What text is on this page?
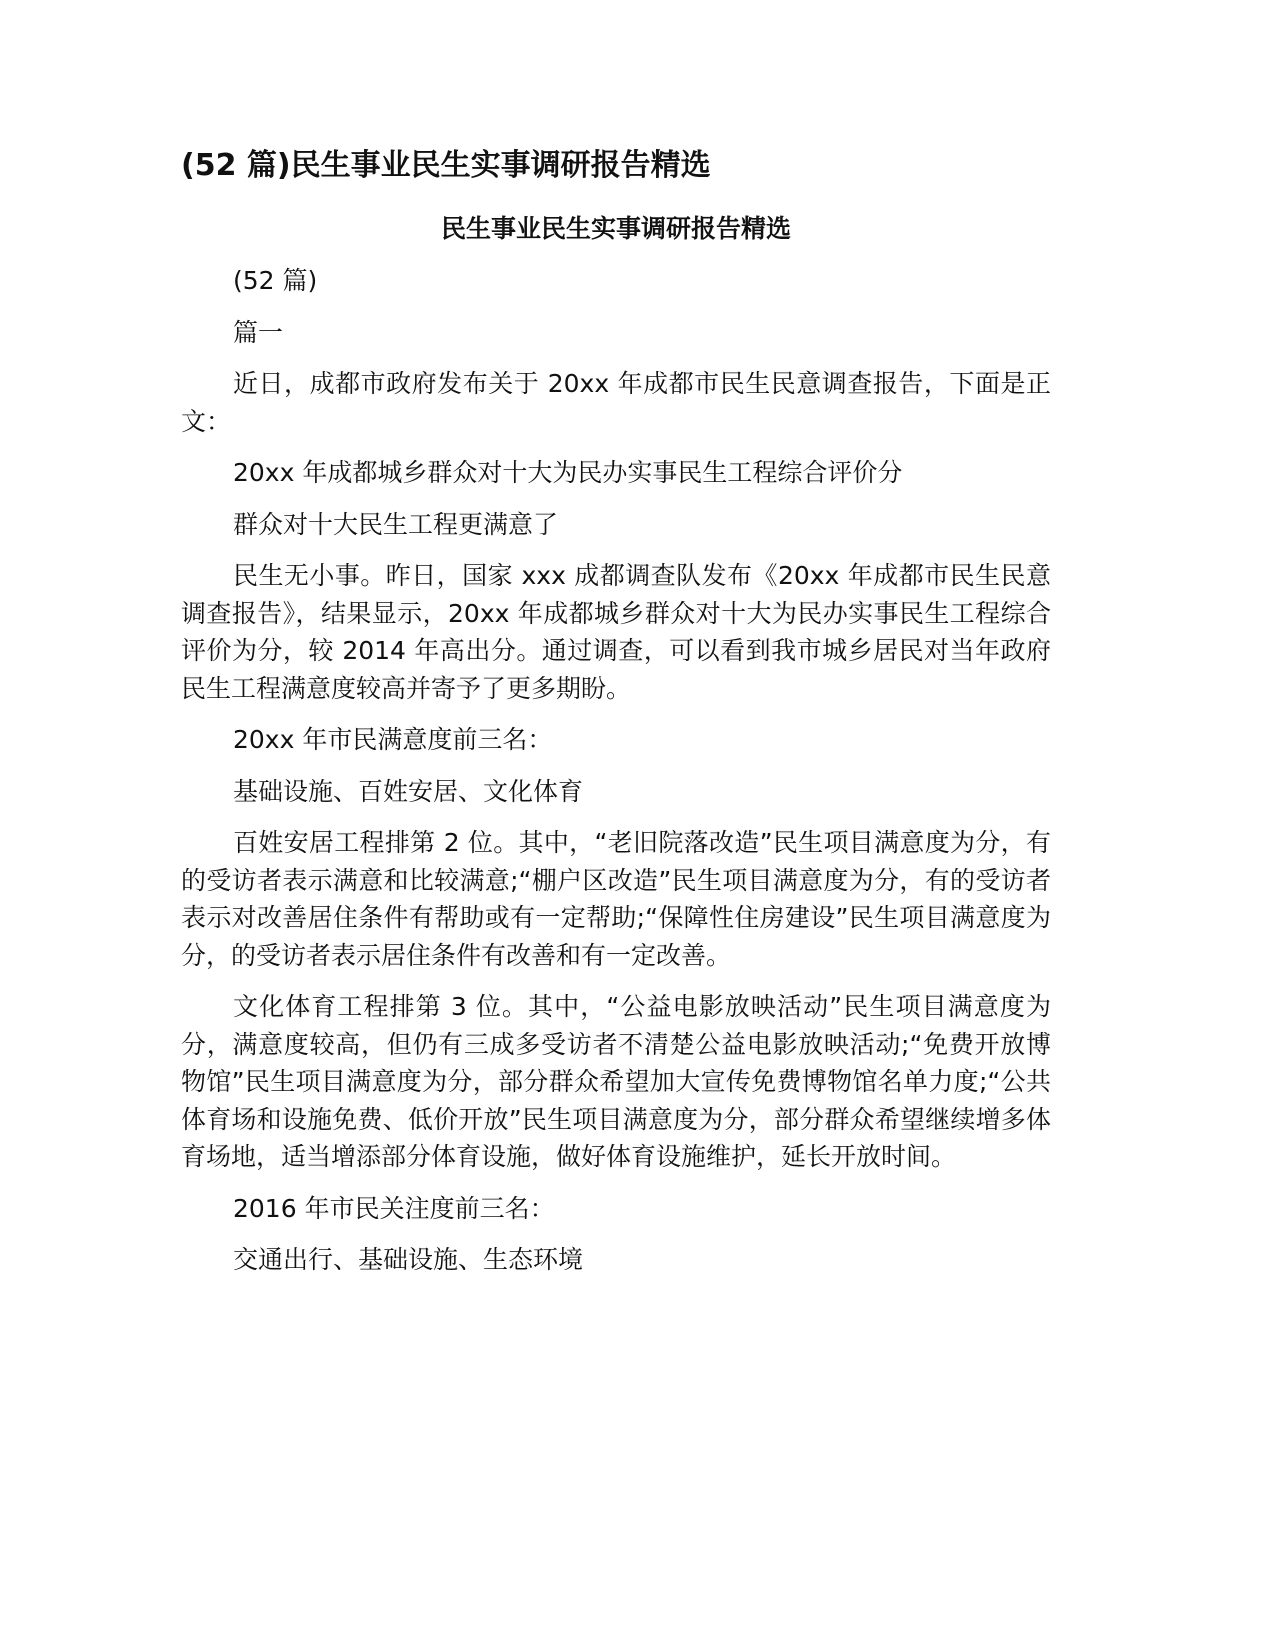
(52 篇)民生事业民生实事调研报告精选
民生事业民生实事调研报告精选

(52 篇)

篇一

近日，成都市政府发布关于 20xx 年成都市民生民意调查报告，下面是正文：

20xx 年成都城乡群众对十大为民办实事民生工程综合评价分

群众对十大民生工程更满意了

民生无小事。昨日，国家 xxx 成都调查队发布《20xx 年成都市民生民意调查报告》，结果显示，20xx 年成都城乡群众对十大为民办实事民生工程综合评价为分，较 2014 年高出分。通过调查，可以看到我市城乡居民对当年政府民生工程满意度较高并寄予了更多期盼。

20xx 年市民满意度前三名：

基础设施、百姓安居、文化体育

百姓安居工程排第 2 位。其中，“老旧院落改造”民生项目满意度为分，有的受访者表示满意和比较满意;“棚户区改造”民生项目满意度为分，有的受访者表示对改善居住条件有帮助或有一定帮助;“保障性住房建设”民生项目满意度为分，的受访者表示居住条件有改善和有一定改善。

文化体育工程排第 3 位。其中，“公益电影放映活动”民生项目满意度为分，满意度较高，但仍有三成多受访者不清楚公益电影放映活动;“免费开放博物馆”民生项目满意度为分，部分群众希望加大宣传免费博物馆名单力度;“公共体育场和设施免费、低价开放”民生项目满意度为分，部分群众希望继续增多体育场地，适当增添部分体育设施，做好体育设施维护，延长开放时间。

2016 年市民关注度前三名：

交通出行、基础设施、生态环境
